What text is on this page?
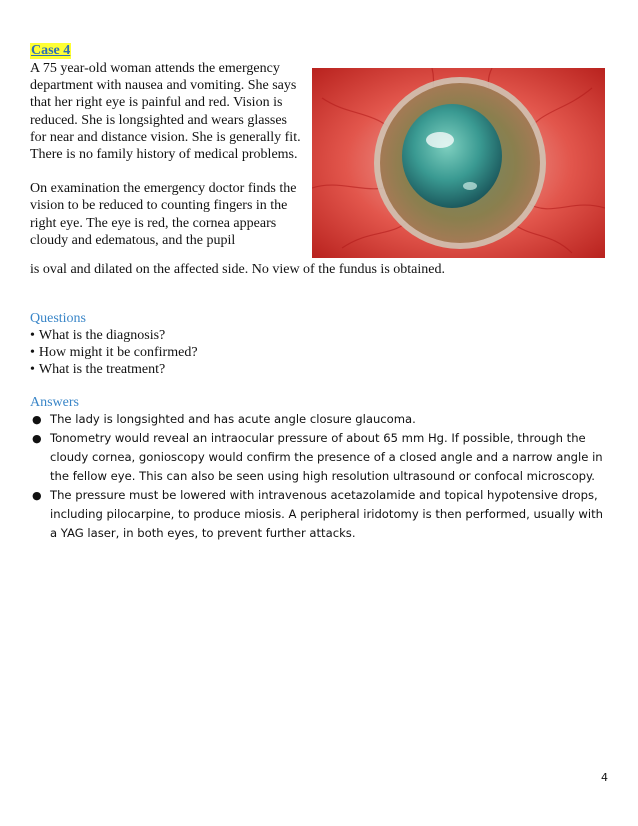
Case 4

A 75 year-old woman attends the emergency department with nausea and vomiting. She says that her right eye is painful and red. Vision is reduced. She is longsighted and wears glasses for near and distance vision. She is generally fit. There is no family history of medical problems.

On examination the emergency doctor finds the vision to be reduced to counting fingers in the right eye. The eye is red, the cornea appears cloudy and edematous, and the pupil

is oval and dilated on the affected side. No view of the fundus is obtained.
Questions
• What is the diagnosis?
• How might it be confirmed?
• What is the treatment?
Answers
● The lady is longsighted and has acute angle closure glaucoma.
● Tonometry would reveal an intraocular pressure of about 65 mm Hg. If possible, through the cloudy cornea, gonioscopy would confirm the presence of a closed angle and a narrow angle in the fellow eye. This can also be seen using high resolution ultrasound or confocal microscopy.
● The pressure must be lowered with intravenous acetazolamide and topical hypotensive drops, including pilocarpine, to produce miosis. A peripheral iridotomy is then performed, usually with a YAG laser, in both eyes, to prevent further attacks.
4
